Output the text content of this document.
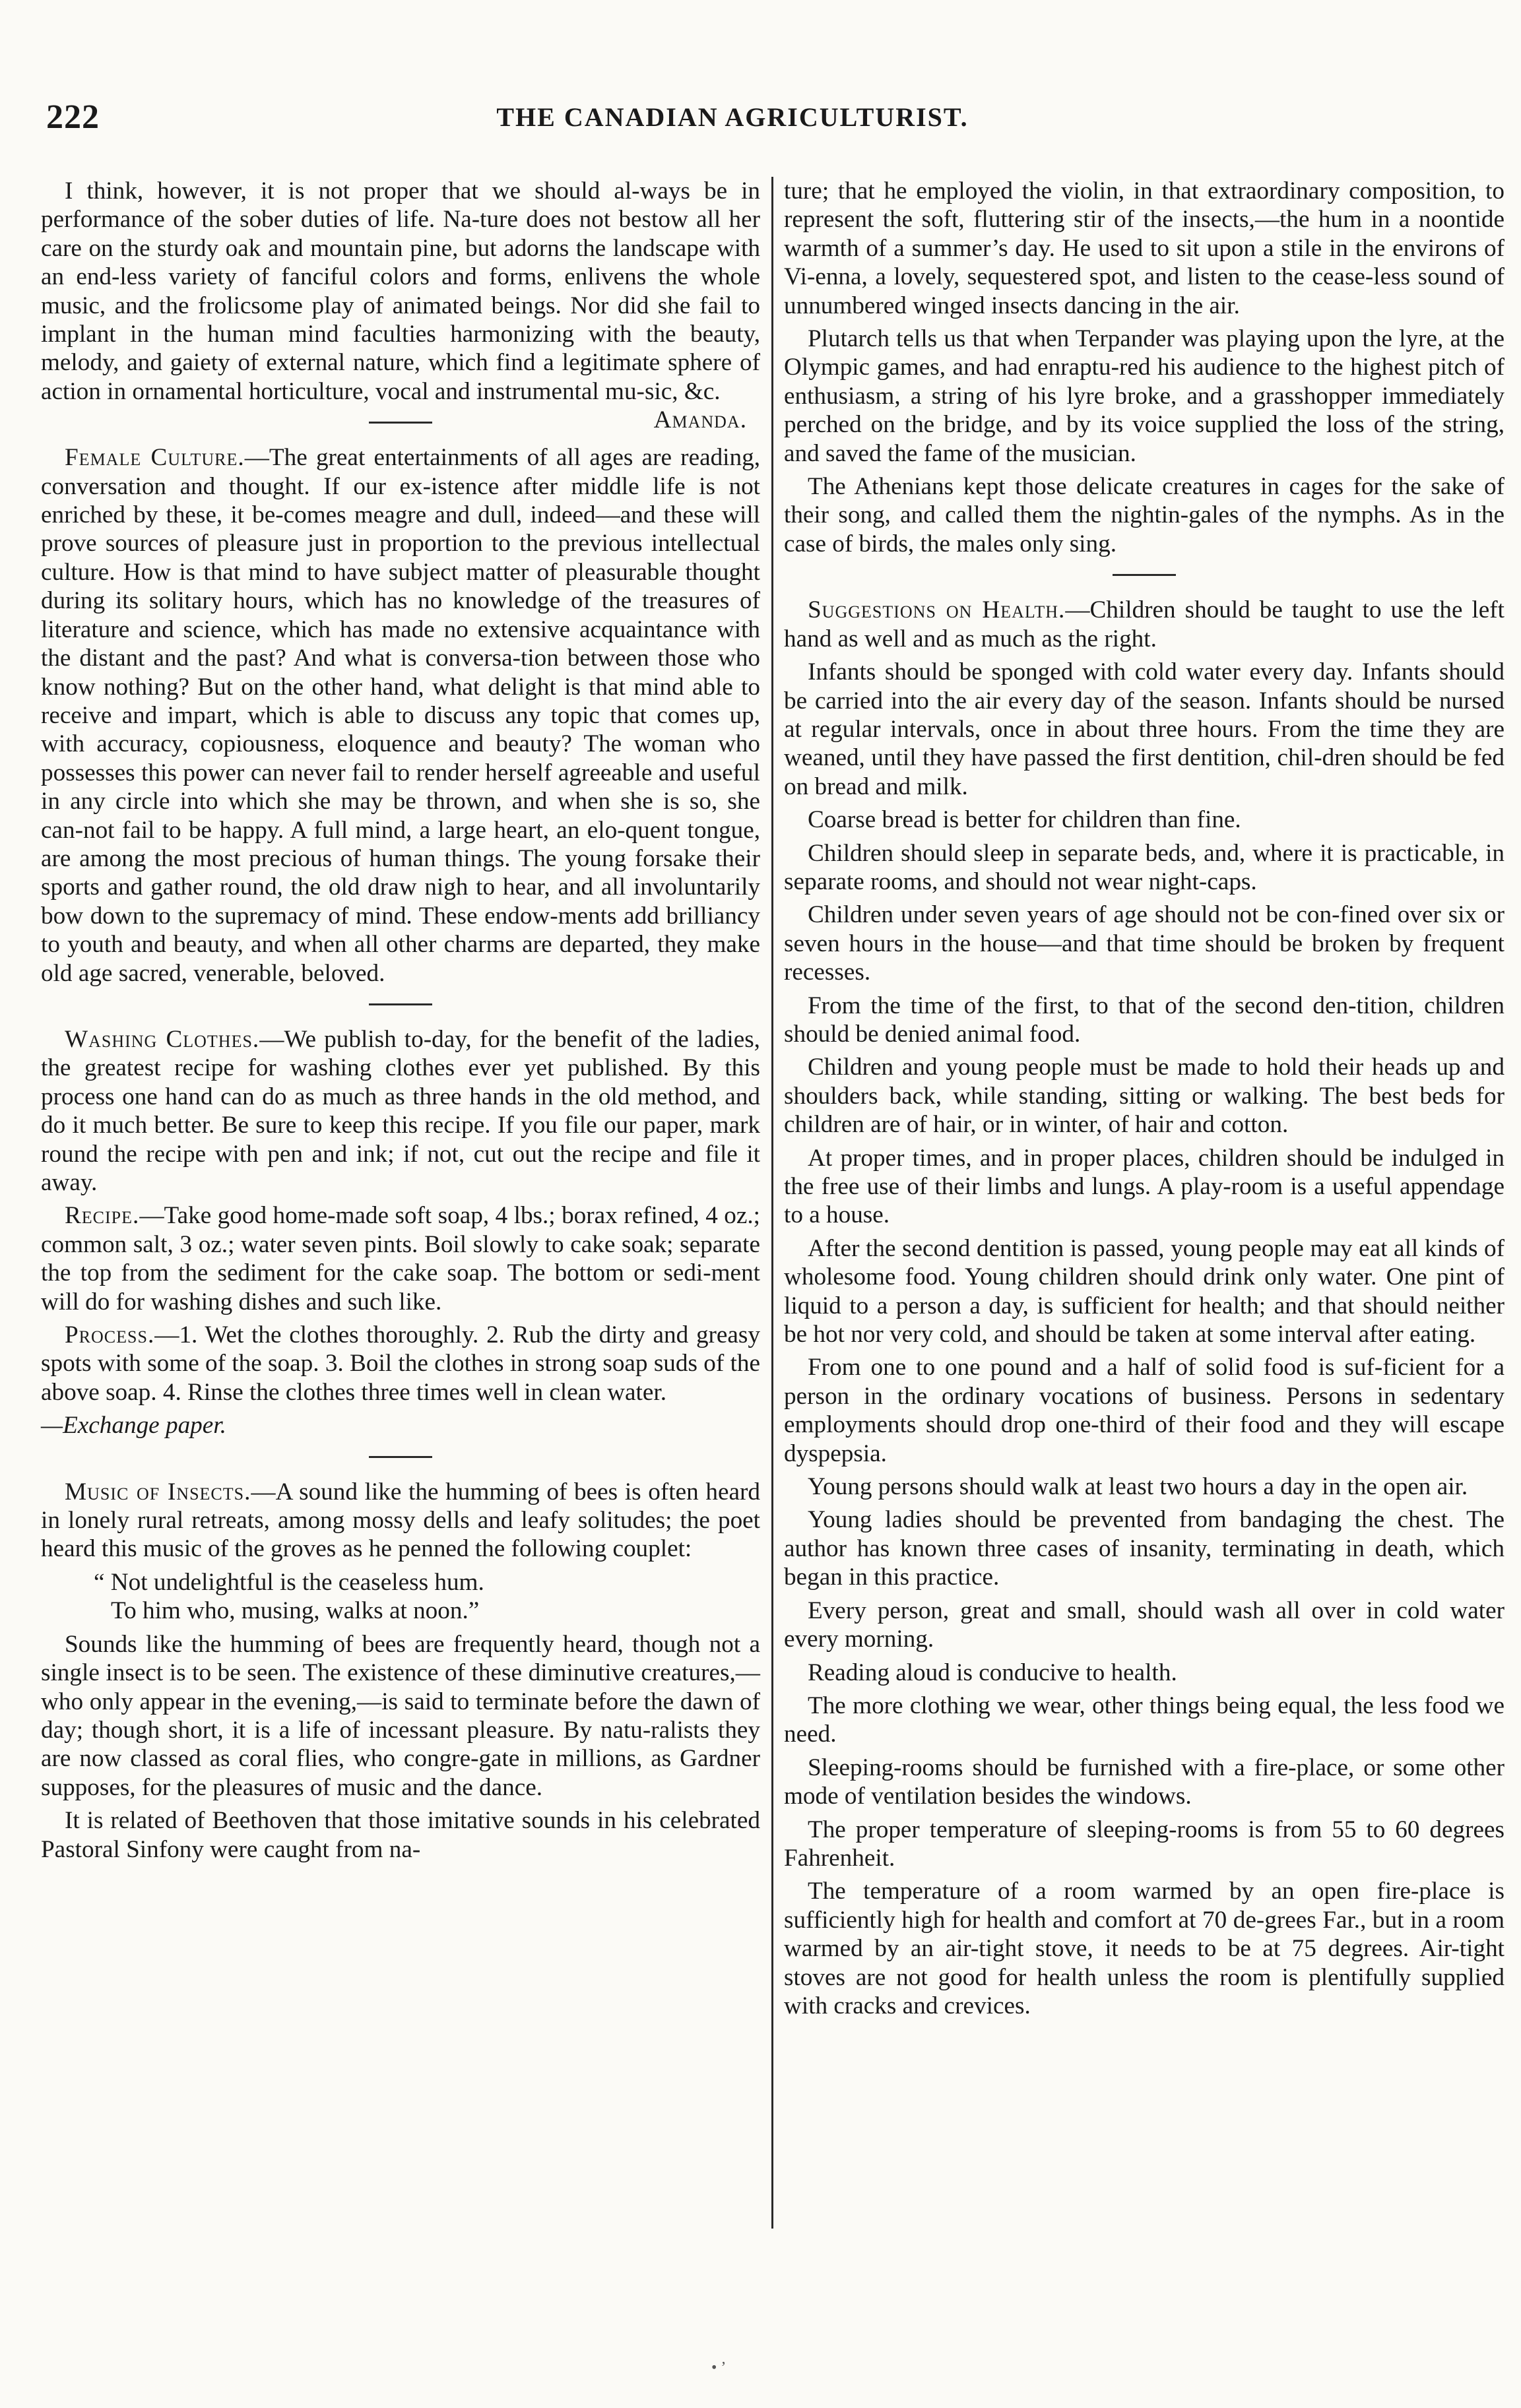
222	THE CANADIAN AGRICULTURIST.

I think, however, it is not proper that we should al-ways be in performance of the sober duties of life. Na-ture does not bestow all her care on the sturdy oak and mountain pine, but adorns the landscape with an end-less variety of fanciful colors and forms, enlivens the whole music, and the frolicsome play of animated beings. Nor did she fail to implant in the human mind faculties harmonizing with the beauty, melody, and gaiety of external nature, which find a legitimate sphere of action in ornamental horticulture, vocal and instrumental mu-sic, &c.
Amanda.

Female Culture.—The great entertainments of all ages are reading, conversation and thought. If our ex-istence after middle life is not enriched by these, it be-comes meagre and dull, indeed—and these will prove sources of pleasure just in proportion to the previous intellectual culture. How is that mind to have subject matter of pleasurable thought during its solitary hours, which has no knowledge of the treasures of literature and science, which has made no extensive acquaintance with the distant and the past? And what is conversa-tion between those who know nothing? But on the other hand, what delight is that mind able to receive and impart, which is able to discuss any topic that comes up, with accuracy, copiousness, eloquence and beauty? The woman who possesses this power can never fail to render herself agreeable and useful in any circle into which she may be thrown, and when she is so, she can-not fail to be happy. A full mind, a large heart, an elo-quent tongue, are among the most precious of human things. The young forsake their sports and gather round, the old draw nigh to hear, and all involuntarily bow down to the supremacy of mind. These endow-ments add brilliancy to youth and beauty, and when all other charms are departed, they make old age sacred, venerable, beloved.

Washing Clothes.—We publish to-day, for the benefit of the ladies, the greatest recipe for washing clothes ever yet published. By this process one hand can do as much as three hands in the old method, and do it much better. Be sure to keep this recipe. If you file our paper, mark round the recipe with pen and ink; if not, cut out the recipe and file it away.

Recipe.—Take good home-made soft soap, 4 lbs.; borax refined, 4 oz.; common salt, 3 oz.; water seven pints. Boil slowly to cake soak; separate the top from the sediment for the cake soap. The bottom or sedi-ment will do for washing dishes and such like.

Process.—1. Wet the clothes thoroughly. 2. Rub the dirty and greasy spots with some of the soap. 3. Boil the clothes in strong soap suds of the above soap. 4. Rinse the clothes three times well in clean water.

—Exchange paper.

Music of Insects.—A sound like the humming of bees is often heard in lonely rural retreats, among mossy dells and leafy solitudes; the poet heard this music of the groves as he penned the following couplet:

“ Not undelightful is the ceaseless hum.
To him who, musing, walks at noon.”

Sounds like the humming of bees are frequently heard, though not a single insect is to be seen. The existence of these diminutive creatures,—who only appear in the evening,—is said to terminate before the dawn of day; though short, it is a life of incessant pleasure. By natu-ralists they are now classed as coral flies, who congre-gate in millions, as Gardner supposes, for the pleasures of music and the dance.

It is related of Beethoven that those imitative sounds in his celebrated Pastoral Sinfony were caught from na-

ture; that he employed the violin, in that extraordinary composition, to represent the soft, fluttering stir of the insects,—the hum in a noontide warmth of a summer’s day. He used to sit upon a stile in the environs of Vi-enna, a lovely, sequestered spot, and listen to the cease-less sound of unnumbered winged insects dancing in the air.

Plutarch tells us that when Terpander was playing upon the lyre, at the Olympic games, and had enraptu-red his audience to the highest pitch of enthusiasm, a string of his lyre broke, and a grasshopper immediately perched on the bridge, and by its voice supplied the loss of the string, and saved the fame of the musician.

The Athenians kept those delicate creatures in cages for the sake of their song, and called them the nightin-gales of the nymphs. As in the case of birds, the males only sing.

Suggestions on Health.—Children should be taught to use the left hand as well and as much as the right.

Infants should be sponged with cold water every day. Infants should be carried into the air every day of the season. Infants should be nursed at regular intervals, once in about three hours. From the time they are weaned, until they have passed the first dentition, chil-dren should be fed on bread and milk.

Coarse bread is better for children than fine.

Children should sleep in separate beds, and, where it is practicable, in separate rooms, and should not wear night-caps.

Children under seven years of age should not be con-fined over six or seven hours in the house—and that time should be broken by frequent recesses.

From the time of the first, to that of the second den-tition, children should be denied animal food.

Children and young people must be made to hold their heads up and shoulders back, while standing, sitting or walking. The best beds for children are of hair, or in winter, of hair and cotton.

At proper times, and in proper places, children should be indulged in the free use of their limbs and lungs. A play-room is a useful appendage to a house.

After the second dentition is passed, young people may eat all kinds of wholesome food. Young children should drink only water. One pint of liquid to a person a day, is sufficient for health; and that should neither be hot nor very cold, and should be taken at some interval after eating.

From one to one pound and a half of solid food is suf-ficient for a person in the ordinary vocations of business. Persons in sedentary employments should drop one-third of their food and they will escape dyspepsia.

Young persons should walk at least two hours a day in the open air.

Young ladies should be prevented from bandaging the chest. The author has known three cases of insanity, terminating in death, which began in this practice.

Every person, great and small, should wash all over in cold water every morning.

Reading aloud is conducive to health.

The more clothing we wear, other things being equal, the less food we need.

Sleeping-rooms should be furnished with a fire-place, or some other mode of ventilation besides the windows.

The proper temperature of sleeping-rooms is from 55 to 60 degrees Fahrenheit.

The temperature of a room warmed by an open fire-place is sufficiently high for health and comfort at 70 de-grees Far., but in a room warmed by an air-tight stove, it needs to be at 75 degrees. Air-tight stoves are not good for health unless the room is plentifully supplied with cracks and crevices.

• ’
